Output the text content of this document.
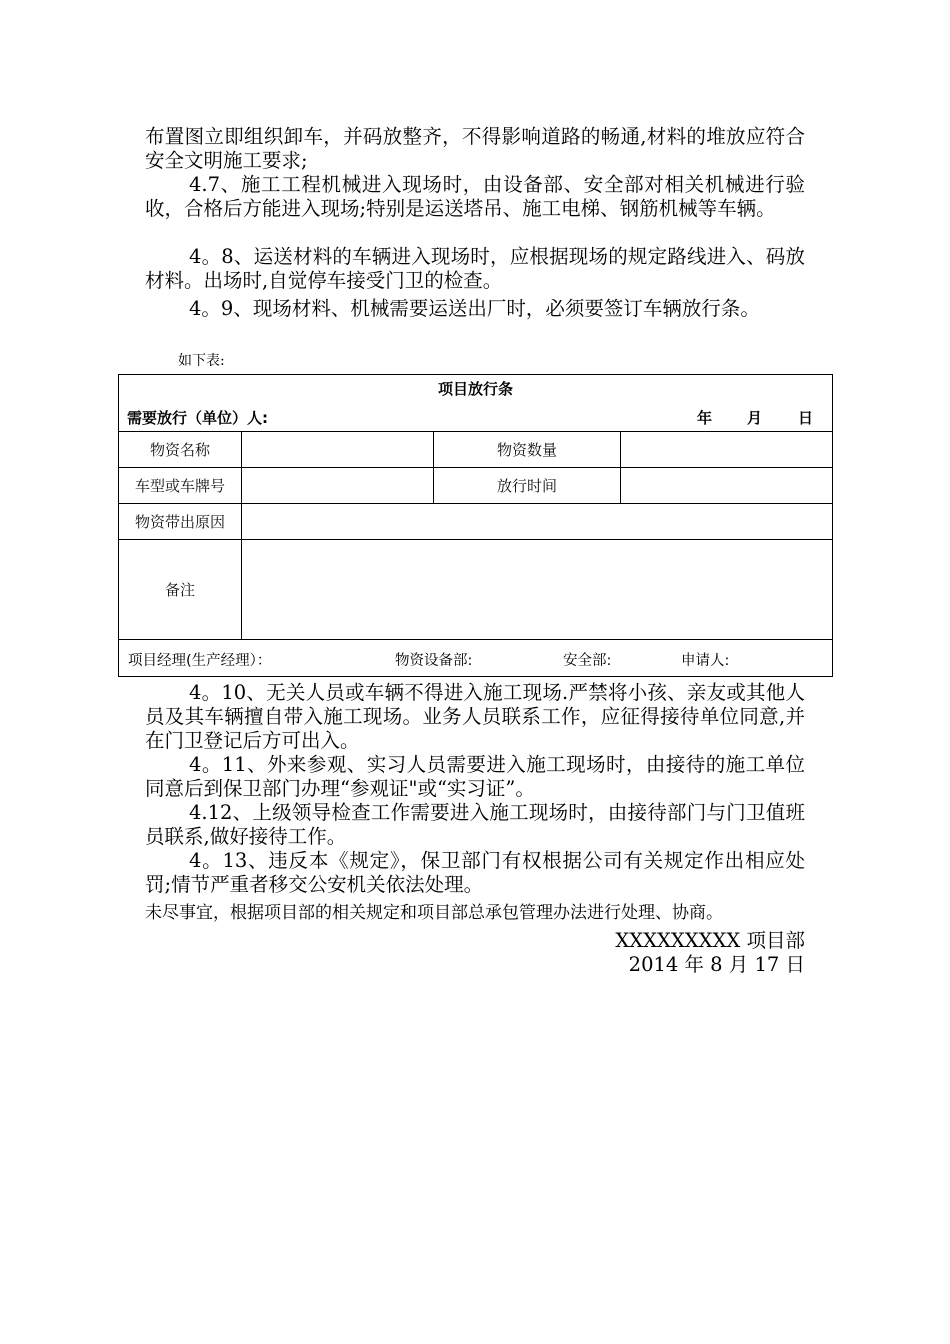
布置图立即组织卸车，并码放整齐，不得影响道路的畅通,材料的堆放应符合安全文明施工要求;
4.7、施工工程机械进入现场时，由设备部、安全部对相关机械进行验收，合格后方能进入现场;特别是运送塔吊、施工电梯、钢筋机械等车辆。
4。8、运送材料的车辆进入现场时，应根据现场的规定路线进入、码放材料。出场时,自觉停车接受门卫的检查。
4。9、现场材料、机械需要运送出厂时，必须要签订车辆放行条。
如下表:
项目放行条			

需要放行（单位）人: 年 月 日			

物资名称		物资数量	
车型或车牌号		放行时间	
物资带出原因			
备注			

项目经理(生产经理）： 物资设备部: 安全部: 申请人:			
4。10、无关人员或车辆不得进入施工现场.严禁将小孩、亲友或其他人员及其车辆擅自带入施工现场。业务人员联系工作，应征得接待单位同意,并在门卫登记后方可出入。
4。11、外来参观、实习人员需要进入施工现场时，由接待的施工单位同意后到保卫部门办理“参观证"或“实习证”。
4.12、上级领导检查工作需要进入施工现场时，由接待部门与门卫值班员联系,做好接待工作。
4。13、违反本《规定》，保卫部门有权根据公司有关规定作出相应处罚;情节严重者移交公安机关依法处理。
未尽事宜，根据项目部的相关规定和项目部总承包管理办法进行处理、协商。
XXXXXXXXX 项目部
2014 年 8 月 17 日
